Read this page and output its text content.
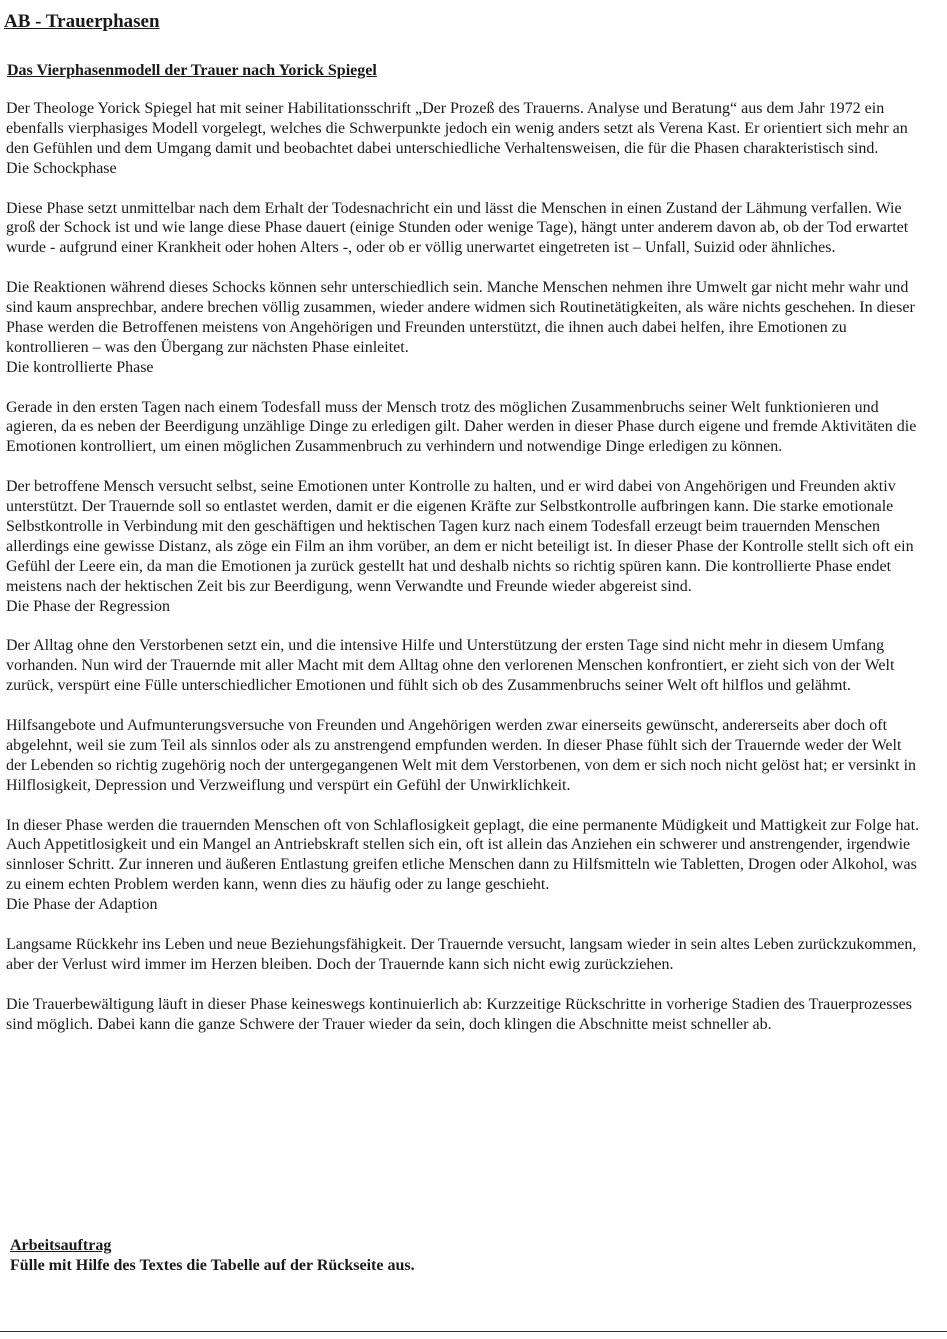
AB - Trauerphasen
Das Vierphasenmodell der Trauer nach Yorick Spiegel

Der Theologe Yorick Spiegel hat mit seiner Habilitationsschrift „Der Prozeß des Trauerns. Analyse und Beratung“ aus dem Jahr 1972 ein ebenfalls vierphasiges Modell vorgelegt, welches die Schwerpunkte jedoch ein wenig anders setzt als Verena Kast. Er orientiert sich mehr an den Gefühlen und dem Umgang damit und beobachtet dabei unterschiedliche Verhaltensweisen, die für die Phasen charakteristisch sind.

Die Schockphase

Diese Phase setzt unmittelbar nach dem Erhalt der Todesnachricht ein und lässt die Menschen in einen Zustand der Lähmung verfallen. Wie groß der Schock ist und wie lange diese Phase dauert (einige Stunden oder wenige Tage), hängt unter anderem davon ab, ob der Tod erwartet wurde - aufgrund einer Krankheit oder hohen Alters -, oder ob er völlig unerwartet eingetreten ist – Unfall, Suizid oder ähnliches.

Die Reaktionen während dieses Schocks können sehr unterschiedlich sein. Manche Menschen nehmen ihre Umwelt gar nicht mehr wahr und sind kaum ansprechbar, andere brechen völlig zusammen, wieder andere widmen sich Routinetätigkeiten, als wäre nichts geschehen. In dieser Phase werden die Betroffenen meistens von Angehörigen und Freunden unterstützt, die ihnen auch dabei helfen, ihre Emotionen zu kontrollieren – was den Übergang zur nächsten Phase einleitet.

Die kontrollierte Phase

Gerade in den ersten Tagen nach einem Todesfall muss der Mensch trotz des möglichen Zusammenbruchs seiner Welt funktionieren und agieren, da es neben der Beerdigung unzählige Dinge zu erledigen gilt. Daher werden in dieser Phase durch eigene und fremde Aktivitäten die Emotionen kontrolliert, um einen möglichen Zusammenbruch zu verhindern und notwendige Dinge erledigen zu können.

Der betroffene Mensch versucht selbst, seine Emotionen unter Kontrolle zu halten, und er wird dabei von Angehörigen und Freunden aktiv unterstützt. Der Trauernde soll so entlastet werden, damit er die eigenen Kräfte zur Selbstkontrolle aufbringen kann. Die starke emotionale Selbstkontrolle in Verbindung mit den geschäftigen und hektischen Tagen kurz nach einem Todesfall erzeugt beim trauernden Menschen allerdings eine gewisse Distanz, als zöge ein Film an ihm vorüber, an dem er nicht beteiligt ist. In dieser Phase der Kontrolle stellt sich oft ein Gefühl der Leere ein, da man die Emotionen ja zurück gestellt hat und deshalb nichts so richtig spüren kann. Die kontrollierte Phase endet meistens nach der hektischen Zeit bis zur Beerdigung, wenn Verwandte und Freunde wieder abgereist sind.

Die Phase der Regression

Der Alltag ohne den Verstorbenen setzt ein, und die intensive Hilfe und Unterstützung der ersten Tage sind nicht mehr in diesem Umfang vorhanden. Nun wird der Trauernde mit aller Macht mit dem Alltag ohne den verlorenen Menschen konfrontiert, er zieht sich von der Welt zurück, verspürt eine Fülle unterschiedlicher Emotionen und fühlt sich ob des Zusammenbruchs seiner Welt oft hilflos und gelähmt.

Hilfsangebote und Aufmunterungsversuche von Freunden und Angehörigen werden zwar einerseits gewünscht, andererseits aber doch oft abgelehnt, weil sie zum Teil als sinnlos oder als zu anstrengend empfunden werden. In dieser Phase fühlt sich der Trauernde weder der Welt der Lebenden so richtig zugehörig noch der untergegangenen Welt mit dem Verstorbenen, von dem er sich noch nicht gelöst hat; er versinkt in Hilflosigkeit, Depression und Verzweiflung und verspürt ein Gefühl der Unwirklichkeit.

In dieser Phase werden die trauernden Menschen oft von Schlaflosigkeit geplagt, die eine permanente Müdigkeit und Mattigkeit zur Folge hat. Auch Appetitlosigkeit und ein Mangel an Antriebskraft stellen sich ein, oft ist allein das Anziehen ein schwerer und anstrengender, irgendwie sinnloser Schritt. Zur inneren und äußeren Entlastung greifen etliche Menschen dann zu Hilfsmitteln wie Tabletten, Drogen oder Alkohol, was zu einem echten Problem werden kann, wenn dies zu häufig oder zu lange geschieht.

Die Phase der Adaption

Langsame Rückkehr ins Leben und neue Beziehungsfähigkeit. Der Trauernde versucht, langsam wieder in sein altes Leben zurückzukommen, aber der Verlust wird immer im Herzen bleiben. Doch der Trauernde kann sich nicht ewig zurückziehen.

Die Trauerbewältigung läuft in dieser Phase keineswegs kontinuierlich ab: Kurzzeitige Rückschritte in vorherige Stadien des Trauerprozesses sind möglich. Dabei kann die ganze Schwere der Trauer wieder da sein, doch klingen die Abschnitte meist schneller ab.

Arbeitsauftrag

Fülle mit Hilfe des Textes die Tabelle auf der Rückseite aus.
